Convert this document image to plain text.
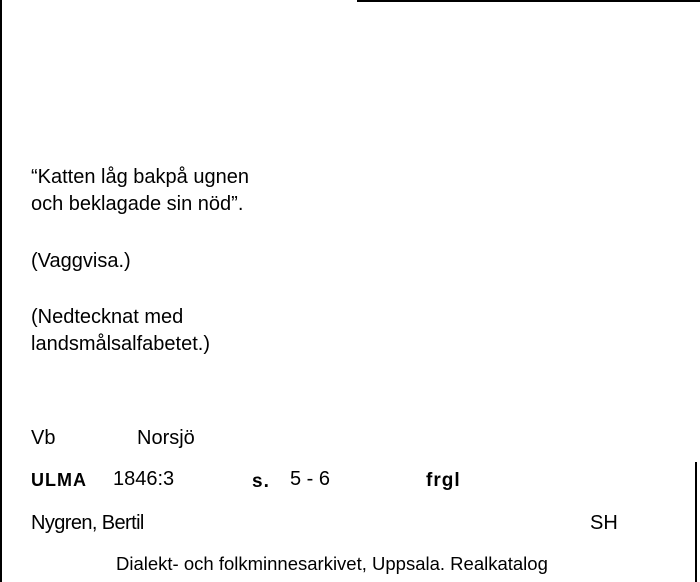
“Katten låg bakpå ugnen
och beklagade sin nöd”.
(Vaggvisa.)
(Nedtecknat med
landsmålsalfabetet.)
Vb	Norsjö
ULMA 1846:3	s. 5 - 6	frgl
Nygren, Bertil	SH
Dialekt- och folkminnesarkivet, Uppsala. Realkatalog
